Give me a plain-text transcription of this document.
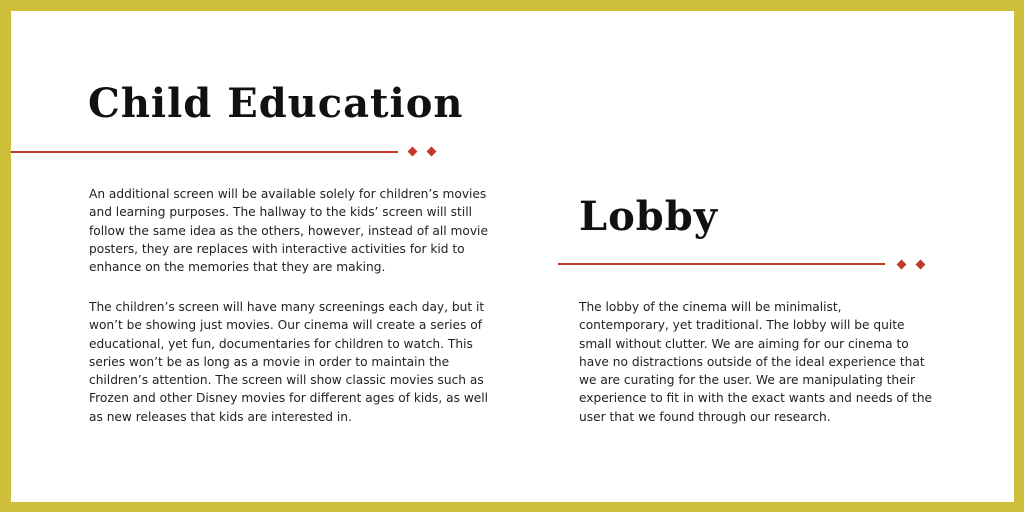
Child Education

An additional screen will be available solely for children’s movies and learning purposes. The hallway to the kids’ screen will still follow the same idea as the others, however, instead of all movie posters, they are replaces with interactive activities for kid to enhance on the memories that they are making.

The children’s screen will have many screenings each day, but it won’t be showing just movies. Our cinema will create a series of educational, yet fun, documentaries for children to watch. This series won’t be as long as a movie in order to maintain the children’s attention. The screen will show classic movies such as Frozen and other Disney movies for different ages of kids, as well as new releases that kids are interested in.

Lobby

The lobby of the cinema will be minimalist, contemporary, yet traditional. The lobby will be quite small without clutter. We are aiming for our cinema to have no distractions outside of the ideal experience that we are curating for the user. We are manipulating their experience to fit in with the exact wants and needs of the user that we found through our research.
